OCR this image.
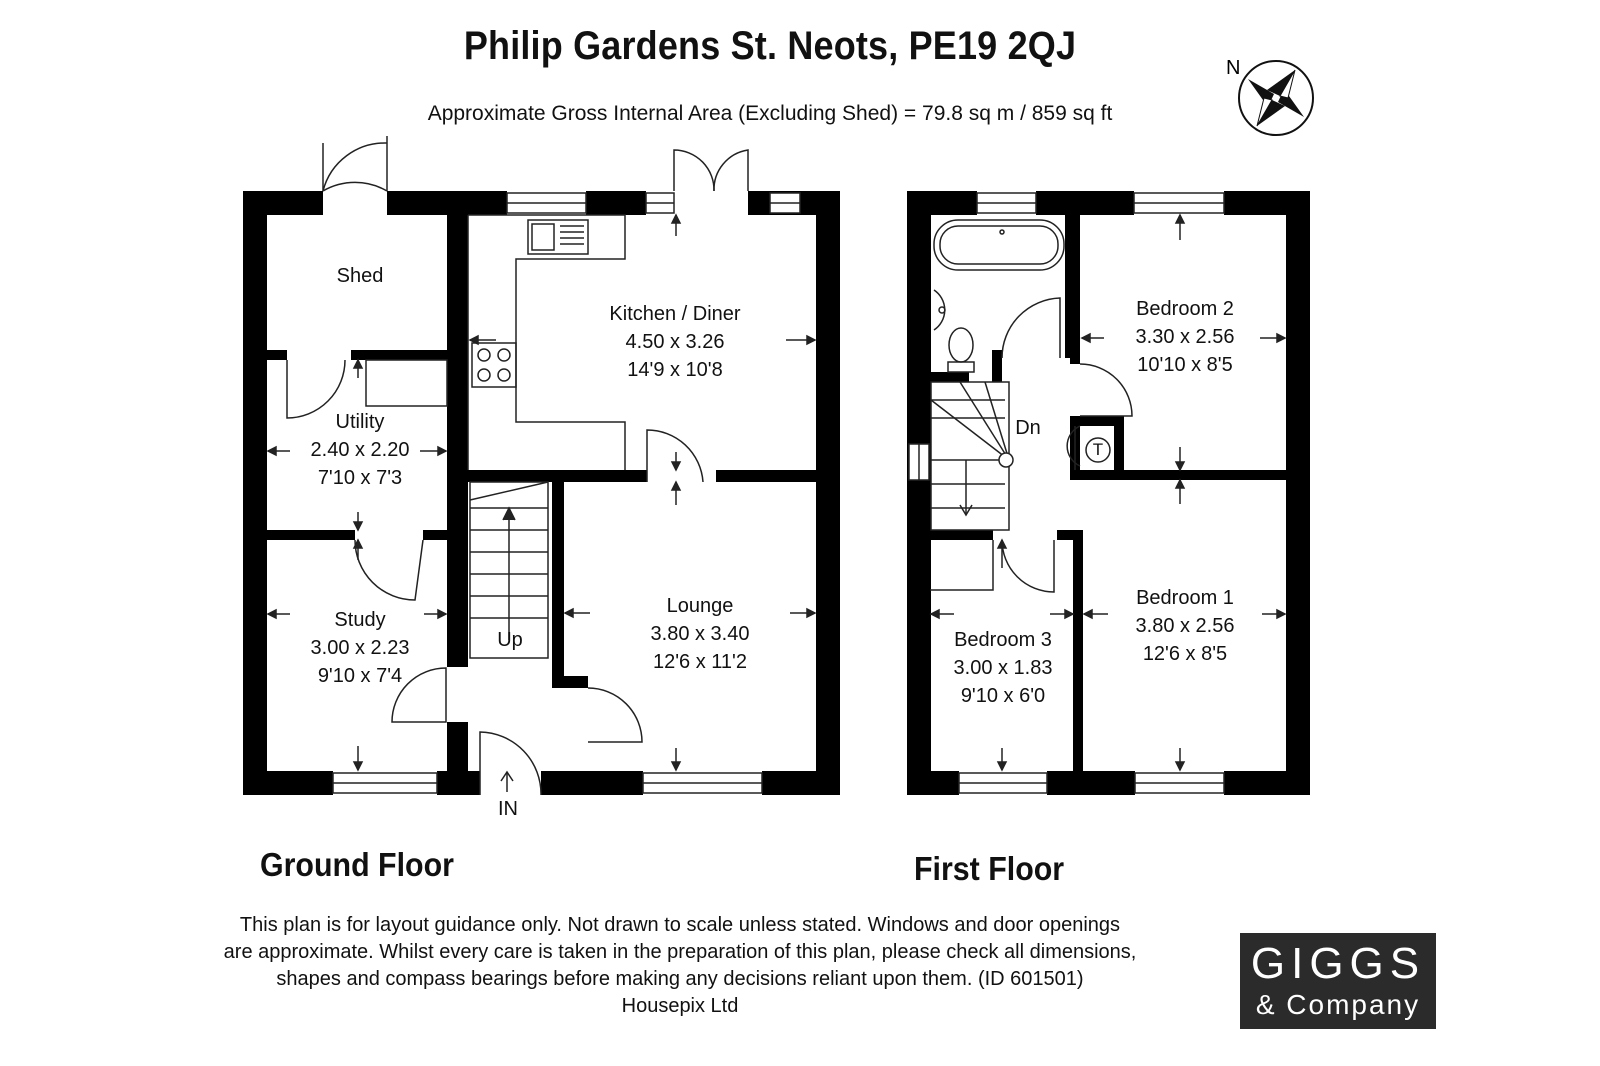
Philip Gardens St. Neots, PE19 2QJ
Approximate Gross Internal Area (Excluding Shed) = 79.8 sq m / 859 sq ft
N
Shed
Kitchen / Diner
4.50 x 3.26
14'9 x 10'8
Utility
2.40 x 2.20
7'10 x 7'3
Study
3.00 x 2.23
9'10 x 7'4
Lounge
3.80 x 3.40
12'6 x 11'2
Up
IN
Bedroom 2
3.30 x 2.56
10'10 x 8'5
Bedroom 1
3.80 x 2.56
12'6 x 8'5
Bedroom 3
3.00 x 1.83
9'10 x 6'0
Dn
T
Ground Floor	First Floor
This plan is for layout guidance only. Not drawn to scale unless stated. Windows and door openings
are approximate. Whilst every care is taken in the preparation of this plan, please check all dimensions,
shapes and compass bearings before making any decisions reliant upon them. (ID 601501)
Housepix Ltd
GIGGS
& Company
